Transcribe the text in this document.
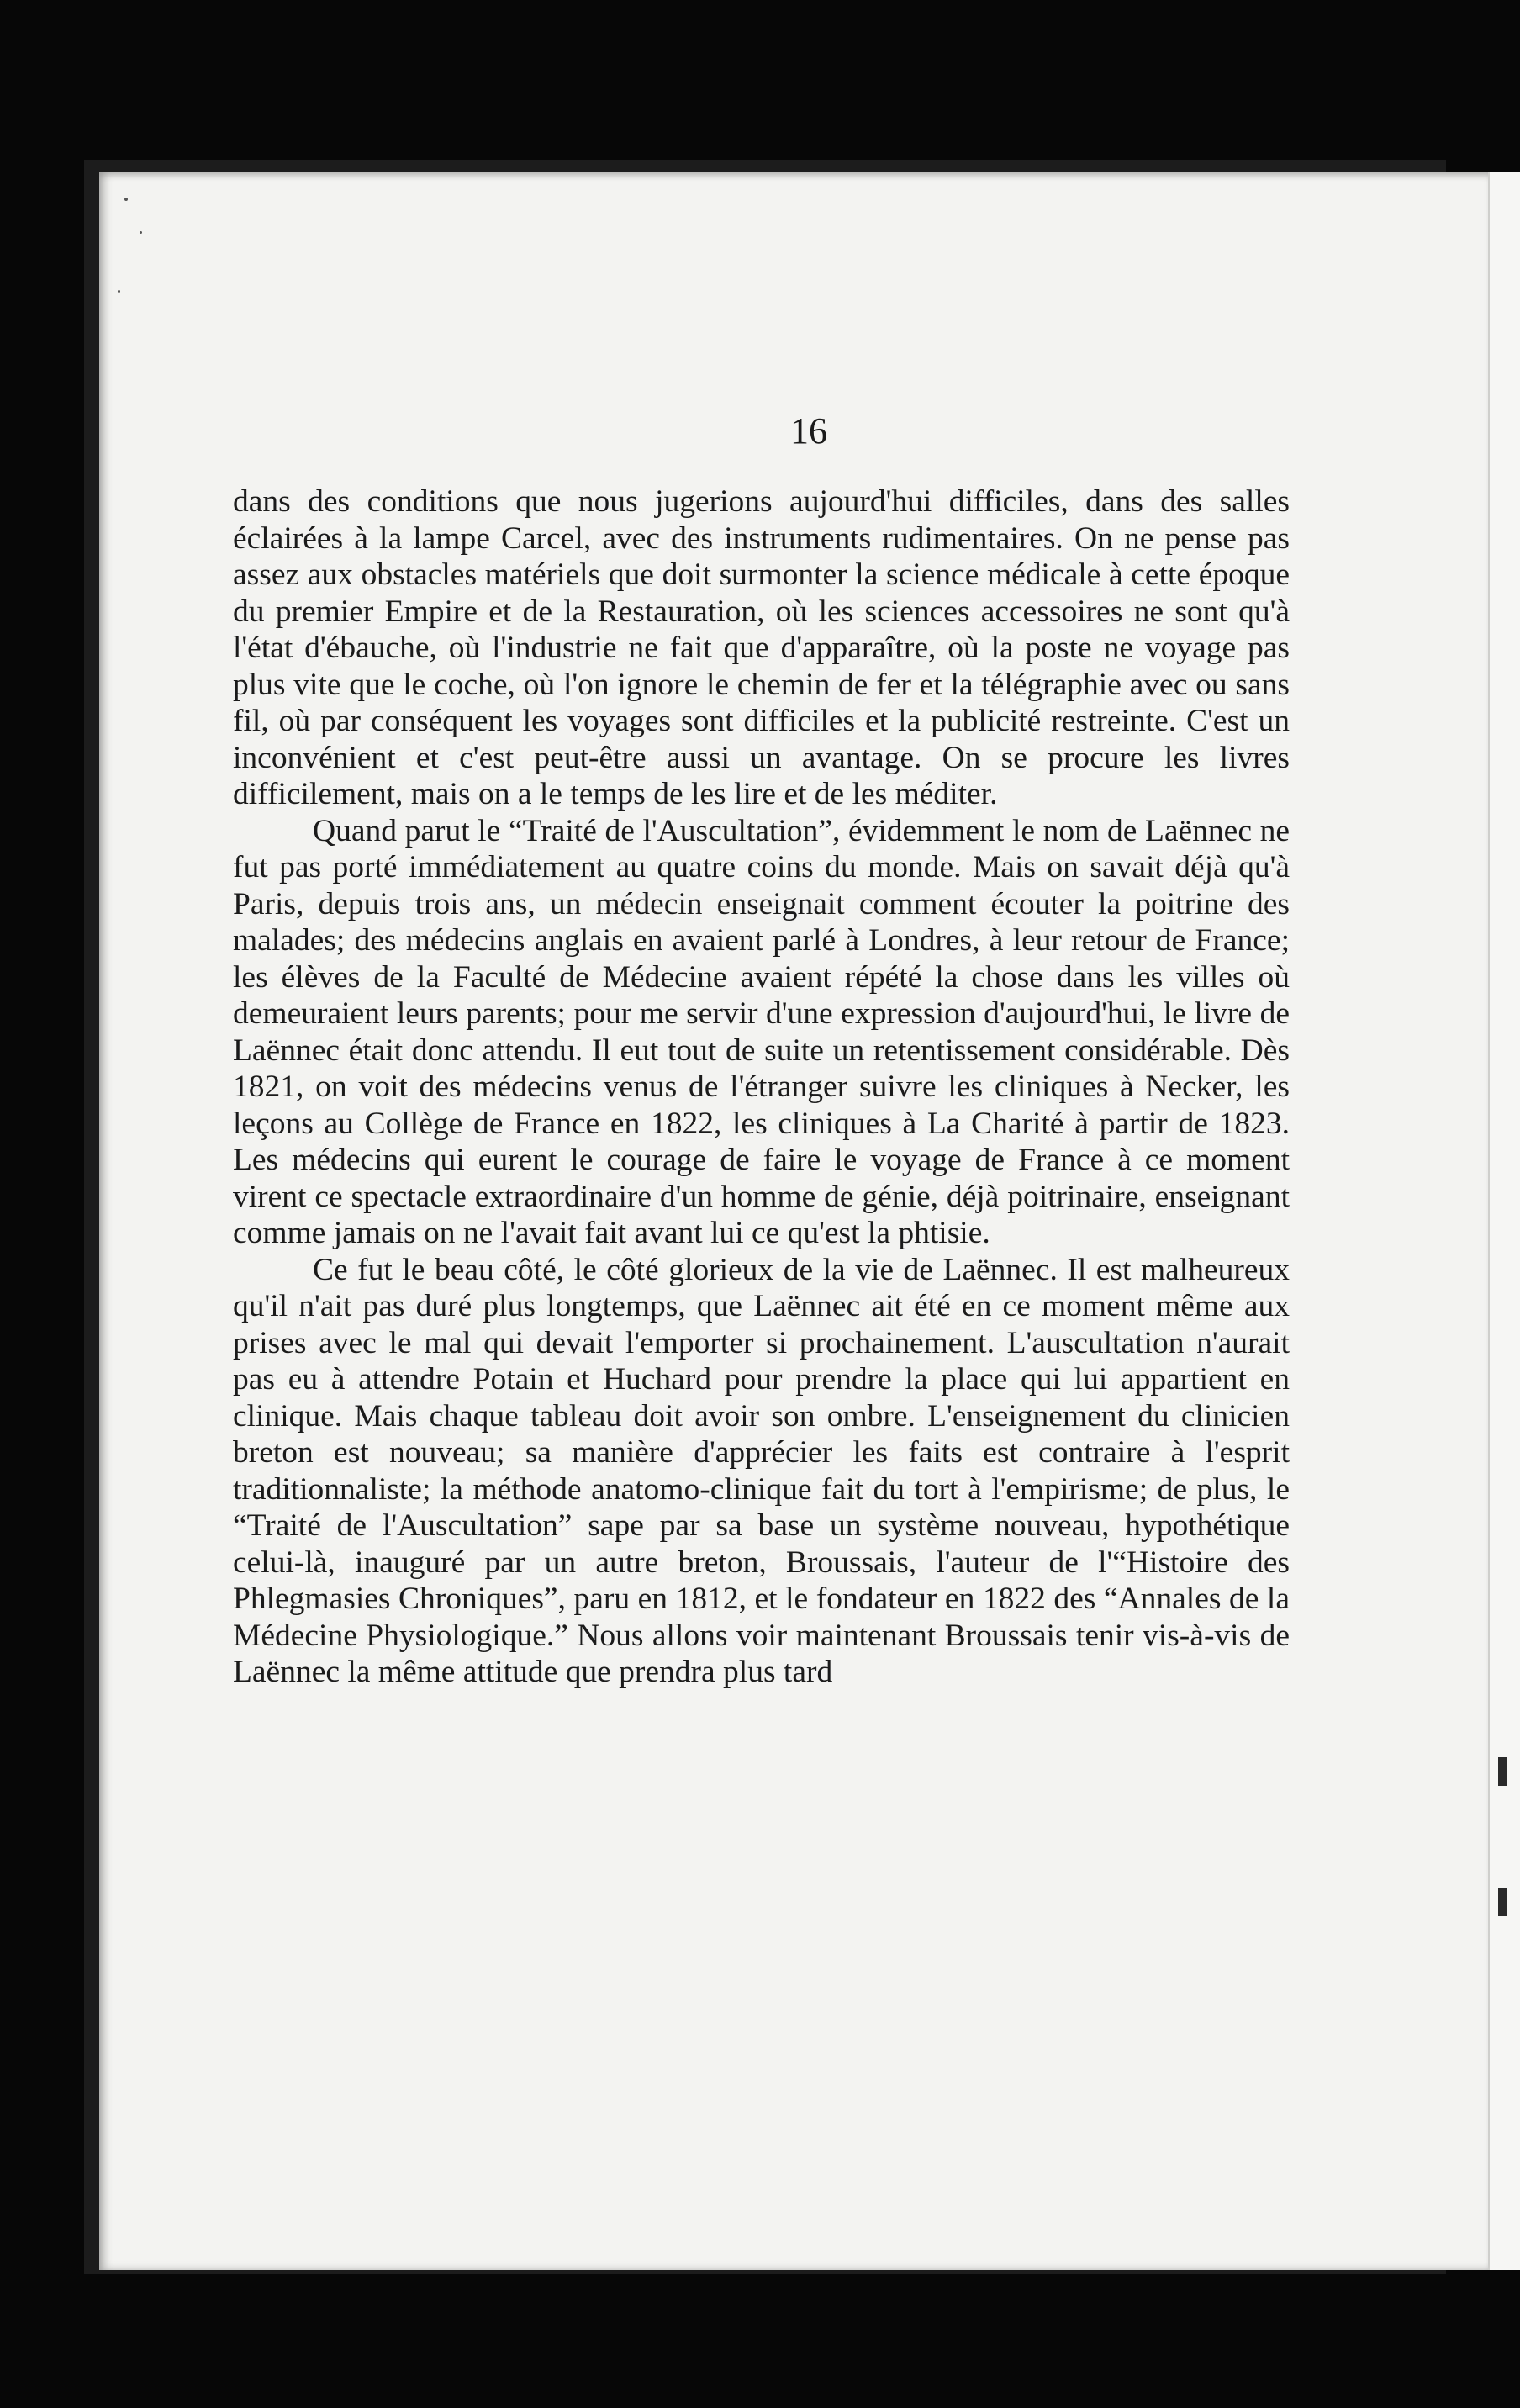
16

dans des conditions que nous jugerions aujourd'hui difficiles, dans des salles éclairées à la lampe Carcel, avec des instruments rudimentaires. On ne pense pas assez aux obstacles matériels que doit surmonter la science médicale à cette époque du premier Empire et de la Restauration, où les sciences accessoires ne sont qu'à l'état d'ébauche, où l'industrie ne fait que d'apparaître, où la poste ne voyage pas plus vite que le coche, où l'on ignore le chemin de fer et la télégraphie avec ou sans fil, où par conséquent les voyages sont difficiles et la publicité restreinte. C'est un inconvénient et c'est peut-être aussi un avantage. On se procure les livres difficilement, mais on a le temps de les lire et de les méditer.

Quand parut le “Traité de l'Auscultation”, évidemment le nom de Laënnec ne fut pas porté immédiatement au quatre coins du monde. Mais on savait déjà qu'à Paris, depuis trois ans, un médecin enseignait comment écouter la poitrine des malades; des médecins anglais en avaient parlé à Londres, à leur retour de France; les élèves de la Faculté de Médecine avaient répété la chose dans les villes où demeuraient leurs parents; pour me servir d'une expression d'aujourd'hui, le livre de Laënnec était donc attendu. Il eut tout de suite un retentissement considérable. Dès 1821, on voit des médecins venus de l'étranger suivre les cliniques à Necker, les leçons au Collège de France en 1822, les cliniques à La Charité à partir de 1823. Les médecins qui eurent le courage de faire le voyage de France à ce moment virent ce spectacle extraordinaire d'un homme de génie, déjà poitrinaire, enseignant comme jamais on ne l'avait fait avant lui ce qu'est la phtisie.

Ce fut le beau côté, le côté glorieux de la vie de Laënnec. Il est malheureux qu'il n'ait pas duré plus longtemps, que Laënnec ait été en ce moment même aux prises avec le mal qui devait l'emporter si prochainement. L'auscultation n'aurait pas eu à attendre Potain et Huchard pour prendre la place qui lui appartient en clinique. Mais chaque tableau doit avoir son ombre. L'enseignement du clinicien breton est nouveau; sa manière d'apprécier les faits est contraire à l'esprit traditionnaliste; la méthode anatomo-clinique fait du tort à l'empirisme; de plus, le “Traité de l'Auscultation” sape par sa base un système nouveau, hypothétique celui-là, inauguré par un autre breton, Broussais, l'auteur de l'“Histoire des Phlegmasies Chroniques”, paru en 1812, et le fondateur en 1822 des “Annales de la Médecine Physiologique.” Nous allons voir maintenant Broussais tenir vis-à-vis de Laënnec la même attitude que prendra plus tard
